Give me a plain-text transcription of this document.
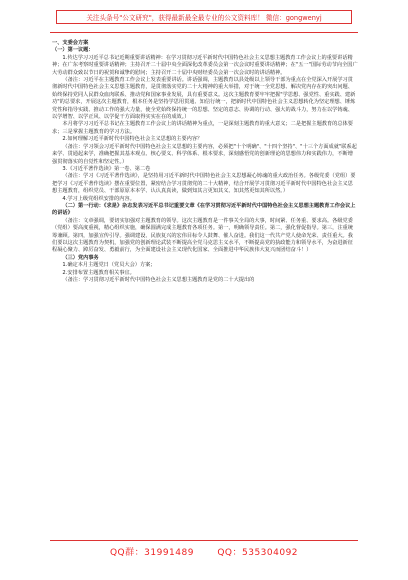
关注头条号"公文研究"，获得最新最全最专业的公文资料库！ 微信：gongwenyj

一、支委会方案

（一）第一议题：

1.传达学习习近平总书记近期重要讲话精神：在学习贯彻习近平新时代中国特色社会主义思想主题教育工作会议上的重要讲话精神；在广东考察时重要讲话精神；主持召开二十届中央全面深化改革委员会第一次会议时重要讲话精神；在"五一"国际劳动节向全国广大劳动群众致以节日的祝贺和诚挚的慰问；主持召开二十届中央财经委员会第一次会议时的讲话精神。

（备注：习近平在主题教育工作会议上发表重要讲话。讲话强调，主题教育以县处级以上领导干部为重点在全党深入开展学习贯彻新时代中国特色社会主义思想主题教育，是贯彻落实党的二十大精神的重大举措，对于统一全党思想、解决党内存在的突出问题、始终保持党同人民群众血肉联系、推动党和国家事业发展，具有重要意义。这次主题教育要牢牢把握"学思想、强党性、重实践、建新功"的总要求，开展这次主题教育，根本任务是坚持学思用贯通、知信行统一，把新时代中国特色社会主义思想转化为坚定理想、锤炼党性和指导实践、推动工作的强大力量，使全党始终保持统一的思想、坚定的意志、协调的行动、强大的战斗力，努力在以学铸魂、以学增智、以学正风、以学促干方面取得实实在在的成效。）

本月将学习习近平总书记在主题教育工作会议上的讲话精神为重点，一是深刻主题教育的重大意义；二是把握主题教育的总体要求；三是掌握主题教育的学习方法。

2.如何理解习近平新时代中国特色社会主义思想的主要内容？

（备注：学习领会习近平新时代中国特色社会主义思想的主要内容，必须把"十个明确"、"十四个坚持"、"十三个方面成就"联系起来学、贯通起来学，准确把握其基本观点、核心要义、科学体系、根本要求，深刻感悟党的创新理论的思想伟力和实践伟力，不断增强贯彻落实的自觉性和坚定性。）

3.《习近平著作选读》第一卷、第二卷

（备注：学习《习近平著作选读》，是坚持用习近平新时代中国特色社会主义思想凝心铸魂的重大政治任务。各级党委（党组）要把学习《习近平著作选读》摆在重要位置，紧密结合学习贯彻党的二十大精神，结合开展学习贯彻习近平新时代中国特色社会主义思想主题教育，组织党员、干部原原本本学、认认真真读，做到知其言更知其义、知其然更知其所以然。）

4.学习上级党组织安排的内容。

（二）第一行动：《求是》杂志发表习近平总书记重要文章《在学习贯彻习近平新时代中国特色社会主义思想主题教育工作会议上的讲话》

（备注：文章强调，要切实加强对主题教育的领导。这次主题教育是一件事关全局的大事，时间紧、任务重、要求高。各级党委（党组）要高度重视，精心组织实施，确保圆满完成主题教育各项任务。第一，明确领导责任。第二，强化督促指导。第三，注重统筹兼顾。第四，加强宣传引导。强调建设、民族复兴的宏伟目标令人鼓舞、催人奋进。我们这一代共产党人使命光荣、责任重大。我们要以这次主题教育为契机，加强党的创新理论武装不断提高全党马克思主义水平，不断提高党的执政能力和领导水平，为奋进新征程凝心聚力、踔厉奋发、勇毅前行，为全面建设社会主义现代化国家、全面推进中华民族伟大复兴而团结奋斗！）

（三）党内事务

1.确定本月主题党日（党员大会）方案；

2.安排布置主题教育相关事宜。

（备注：学习贯彻习近平新时代中国特色社会主义思想主题教育是党的二十大提出的

QQ群：31991489	QQ：535304092
